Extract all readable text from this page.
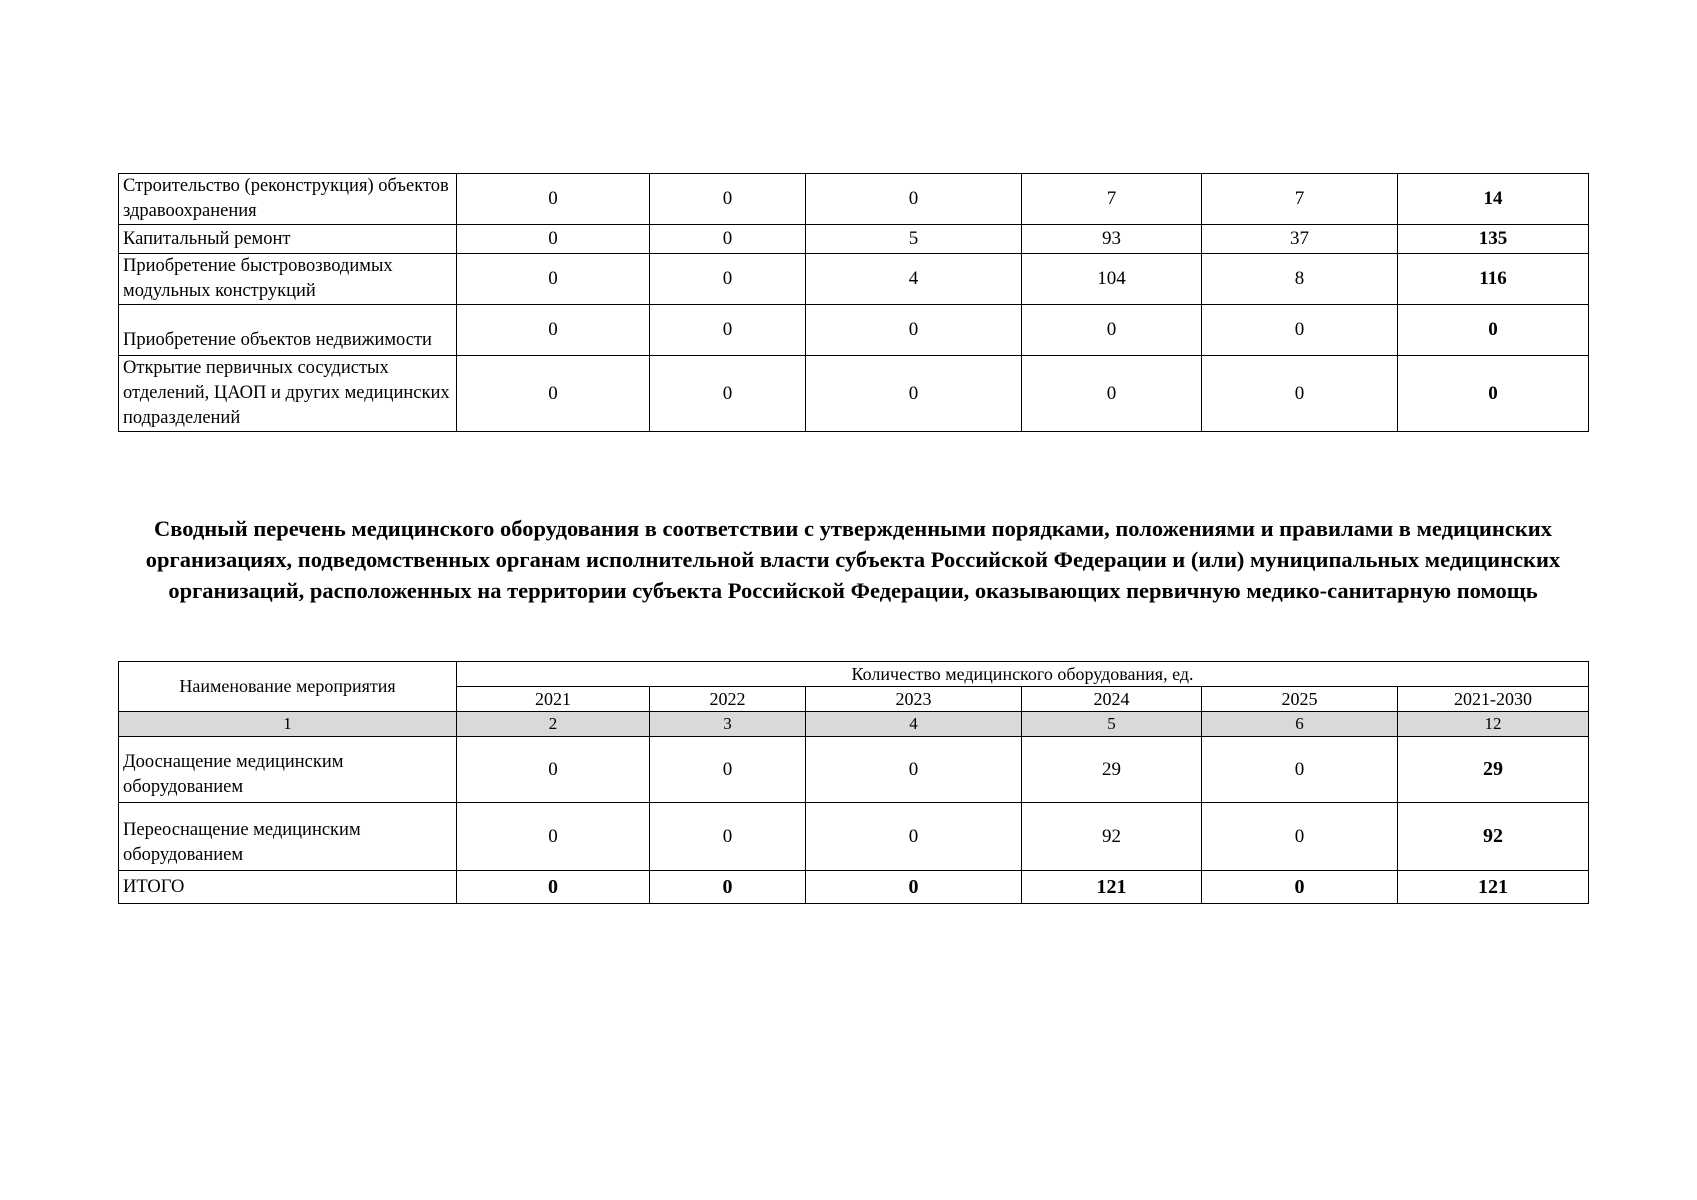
Строительство (реконструкция) объектов здравоохранения	0	0	0	7	7	14
Капитальный ремонт	0	0	5	93	37	135
Приобретение быстровозводимых модульных конструкций	0	0	4	104	8	116
Приобретение объектов недвижимости	0	0	0	0	0	0
Открытие первичных сосудистых отделений, ЦАОП и других медицинских подразделений	0	0	0	0	0	0
Сводный перечень медицинского оборудования в соответствии с утвержденными порядками, положениями и правилами в медицинских организациях, подведомственных органам исполнительной власти субъекта Российской Федерации и (или) муниципальных медицинских организаций, расположенных на территории субъекта Российской Федерации, оказывающих первичную медико-санитарную помощь
Наименование мероприятия	Количество медицинского оборудования, ед.					
	2021	2022	2023	2024	2025	2021-2030
1	2	3	4	5	6	12
Дооснащение медицинским оборудованием	0	0	0	29	0	29
Переоснащение медицинским оборудованием	0	0	0	92	0	92
ИТОГО	0	0	0	121	0	121
